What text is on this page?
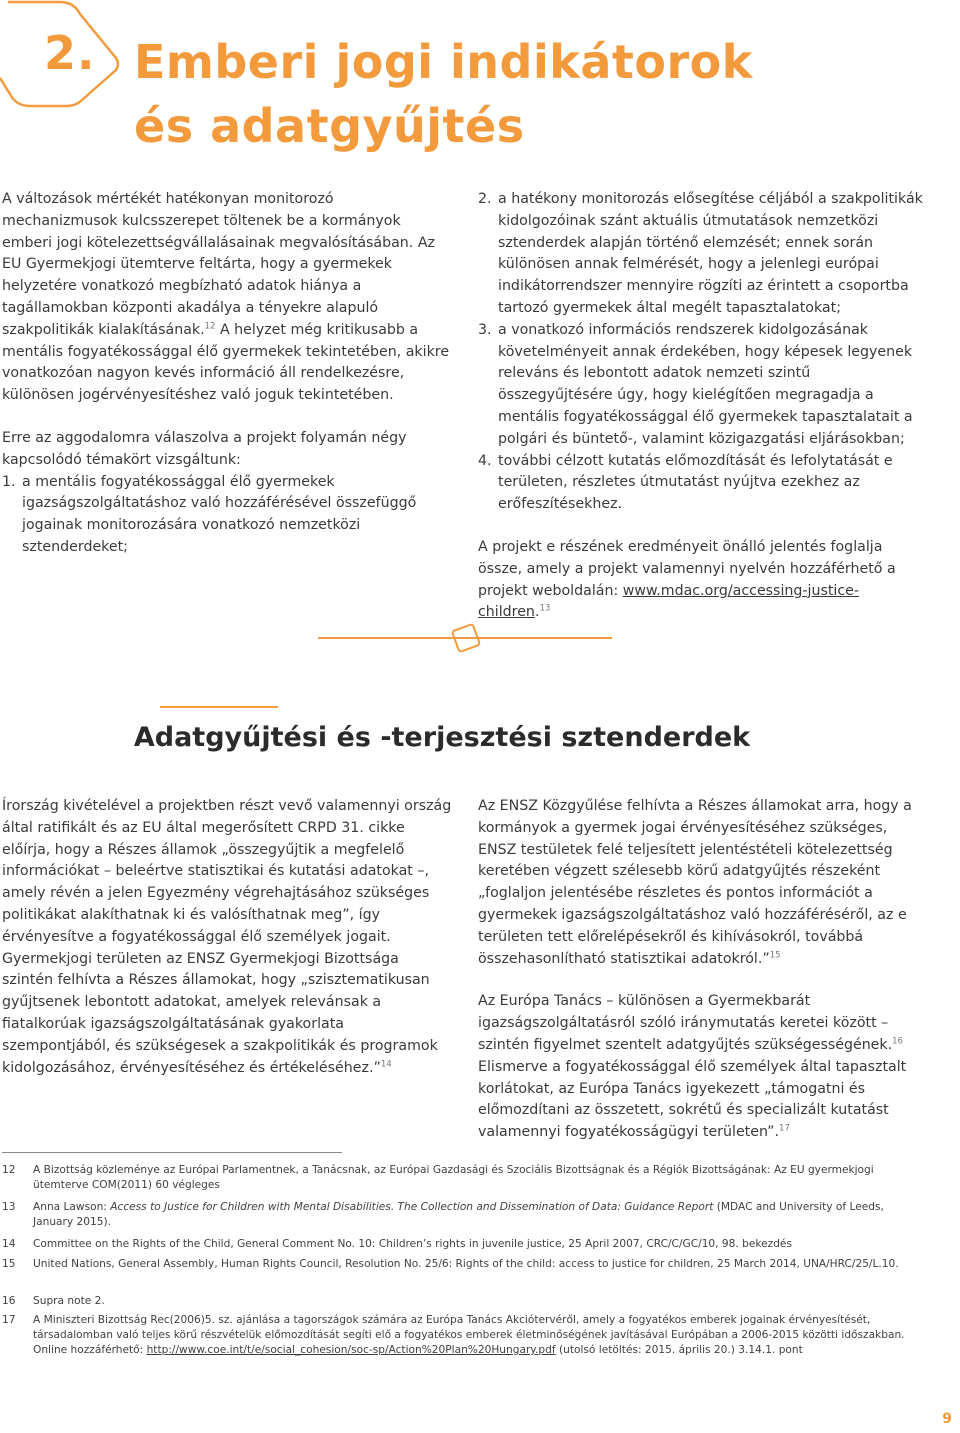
2. Emberi jogi indikátorok
és adatgyűjtés

A változások mértékét hatékonyan monitorozó mechanizmusok kulcsszerepet töltenek be a kormányok emberi jogi kötelezettségvállalásainak megvalósításában. Az EU Gyermekjogi ütemterve feltárta, hogy a gyermekek helyzetére vonatkozó megbízható adatok hiánya a tagállamokban központi akadálya a tényekre alapuló szakpolitikák kialakításának.$^{12}$ A helyzet még kritikusabb a mentális fogyatékossággal élő gyermekek tekintetében, akikre vonatkozóan nagyon kevés információ áll rendelkezésre, különösen jogérvényesítéshez való joguk tekintetében.

Erre az aggodalomra válaszolva a projekt folyamán négy kapcsolódó témakört vizsgáltunk:

1. a mentális fogyatékossággal élő gyermekek igazságszolgáltatáshoz való hozzáférésével összefüggő jogainak monitorozására vonatkozó nemzetközi sztenderdeket;
2. a hatékony monitorozás elősegítése céljából a szakpolitikák kidolgozóinak szánt aktuális útmutatások nemzetközi sztenderdek alapján történő elemzését; ennek során különösen annak felmérését, hogy a jelenlegi európai indikátorrendszer mennyire rögzíti az érintett a csoportba tartozó gyermekek által megélt tapasztalatokat;
3. a vonatkozó információs rendszerek kidolgozásának követelményeit annak érdekében, hogy képesek legyenek releváns és lebontott adatok nemzeti szintű összegyűjtésére úgy, hogy kielégítően megragadja a mentális fogyatékossággal élő gyermekek tapasztalatait a polgári és büntető-, valamint közigazgatási eljárásokban;
4. további célzott kutatás előmozdítását és lefolytatását e területen, részletes útmutatást nyújtva ezekhez az erőfeszítésekhez.

A projekt e részének eredményeit önálló jelentés foglalja össze, amely a projekt valamennyi nyelvén hozzáférhető a projekt weboldalán: www.mdac.org/accessing-justice-children.$^{13}$

Adatgyűjtési és -terjesztési sztenderdek

Írország kivételével a projektben részt vevő valamennyi ország által ratifikált és az EU által megerősített CRPD 31. cikke előírja, hogy a Részes államok „összegyűjtik a megfelelő információkat – beleértve statisztikai és kutatási adatokat –, amely révén a jelen Egyezmény végrehajtásához szükséges politikákat alakíthatnak ki és valósíthatnak meg”, így érvényesítve a fogyatékossággal élő személyek jogait. Gyermekjogi területen az ENSZ Gyermekjogi Bizottsága szintén felhívta a Részes államokat, hogy „szisztematikusan gyűjtsenek lebontott adatokat, amelyek relevánsak a fiatalkorúak igazságszolgáltatásának gyakorlata szempontjából, és szükségesek a szakpolitikák és programok kidolgozásához, érvényesítéséhez és értékeléséhez.”$^{14}$

Az ENSZ Közgyűlése felhívta a Részes államokat arra, hogy a kormányok a gyermek jogai érvényesítéséhez szükséges, ENSZ testületek felé teljesített jelentéstételi kötelezettség keretében végzett szélesebb körű adatgyűjtés részeként „foglaljon jelentésébe részletes és pontos információt a gyermekek igazságszolgáltatáshoz való hozzáféréséről, az e területen tett előrelépésekről és kihívásokról, továbbá összehasonlítható statisztikai adatokról.”$^{15}$

Az Európa Tanács – különösen a Gyermekbarát igazságszolgáltatásról szóló iránymutatás keretei között – szintén figyelmet szentelt adatgyűjtés szükségességének.$^{16}$ Elismerve a fogyatékossággal élő személyek által tapasztalt korlátokat, az Európa Tanács igyekezett „támogatni és előmozdítani az összetett, sokrétű és specializált kutatást valamennyi fogyatékosságügyi területen”.$^{17}$

12	A Bizottság közleménye az Európai Parlamentnek, a Tanácsnak, az Európai Gazdasági és Szociális Bizottságnak és a Régiók Bizottságának: Az EU gyermekjogi ütemterve COM(2011) 60 végleges
13	Anna Lawson: Access to Justice for Children with Mental Disabilities. The Collection and Dissemination of Data: Guidance Report (MDAC and University of Leeds, January 2015).
14	Committee on the Rights of the Child, General Comment No. 10: Children’s rights in juvenile justice, 25 April 2007, CRC/C/GC/10, 98. bekezdés
15	United Nations, General Assembly, Human Rights Council, Resolution No. 25/6: Rights of the child: access to justice for children, 25 March 2014, UNA/HRC/25/L.10.
16	Supra note 2.
17	A Miniszteri Bizottság Rec(2006)5. sz. ajánlása a tagországok számára az Európa Tanács Akciótervéről, amely a fogyatékos emberek jogainak érvényesítését, társadalomban való teljes körű részvételük előmozdítását segíti elő a fogyatékos emberek életminőségének javításával Európában a 2006-2015 közötti időszakban. Online hozzáférhető: http://www.coe.int/t/e/social_cohesion/soc-sp/Action%20Plan%20Hungary.pdf (utolsó letöltés: 2015. április 20.) 3.14.1. pont
9
